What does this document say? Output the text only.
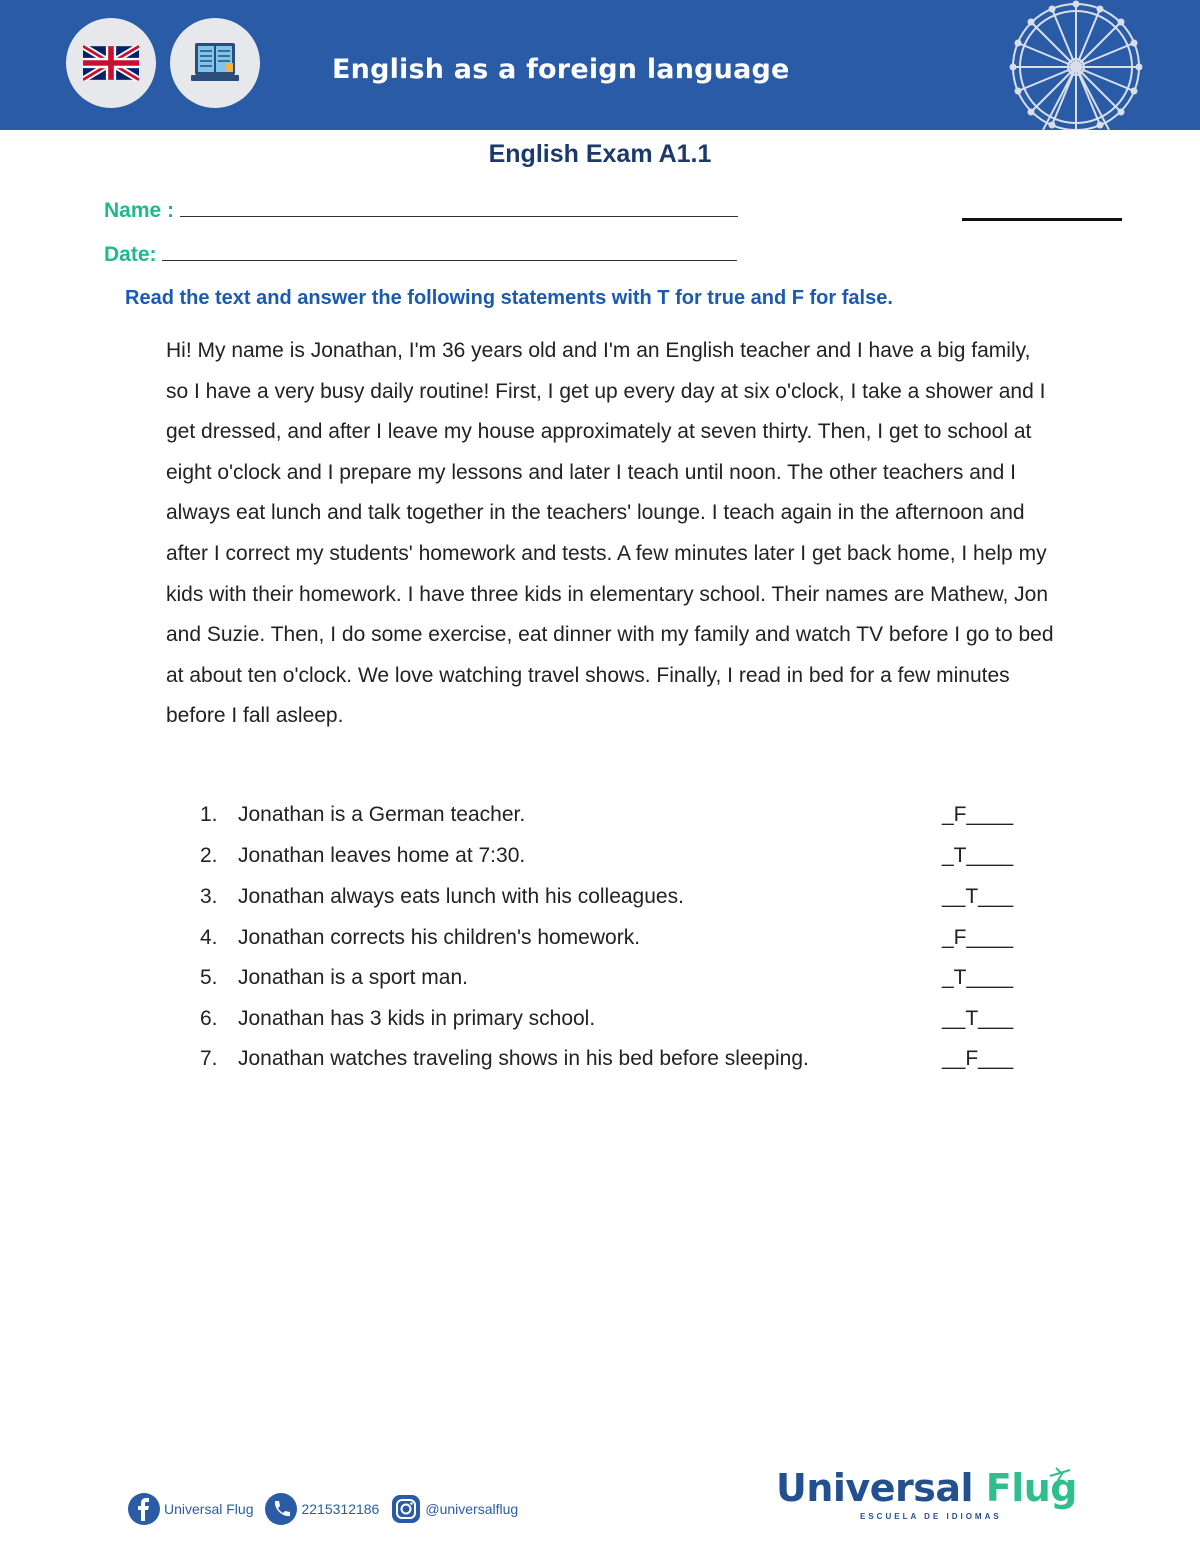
English as a foreign language
English Exam A1.1
Name :
Date:
Read the text and answer the following statements with T for true and F for false.

Hi! My name is Jonathan, I'm 36 years old and I'm an English teacher and I have a big family, so I have a very busy daily routine! First, I get up every day at six o'clock, I take a shower and I get dressed, and after I leave my house approximately at seven thirty. Then, I get to school at eight o'clock and I prepare my lessons and later I teach until noon. The other teachers and I always eat lunch and talk together in the teachers' lounge. I teach again in the afternoon and after I correct my students' homework and tests. A few minutes later I get back home, I help my kids with their homework. I have three kids in elementary school. Their names are Mathew, Jon and Suzie. Then, I do some exercise, eat dinner with my family and watch TV before I go to bed at about ten o'clock. We love watching travel shows. Finally, I read in bed for a few minutes before I fall asleep.

1. Jonathan is a German teacher.	_F____
2. Jonathan leaves home at 7:30.	_T____
3. Jonathan always eats lunch with his colleagues.	__T___
4. Jonathan corrects his children's homework.	_F____
5. Jonathan is a sport man.	_T____
6. Jonathan has 3 kids in primary school.	__T___
7. Jonathan watches traveling shows in his bed before sleeping.	__F___
Universal Flug	2215312186	@universalflug	Universal Flug
ESCUELA DE IDIOMAS
